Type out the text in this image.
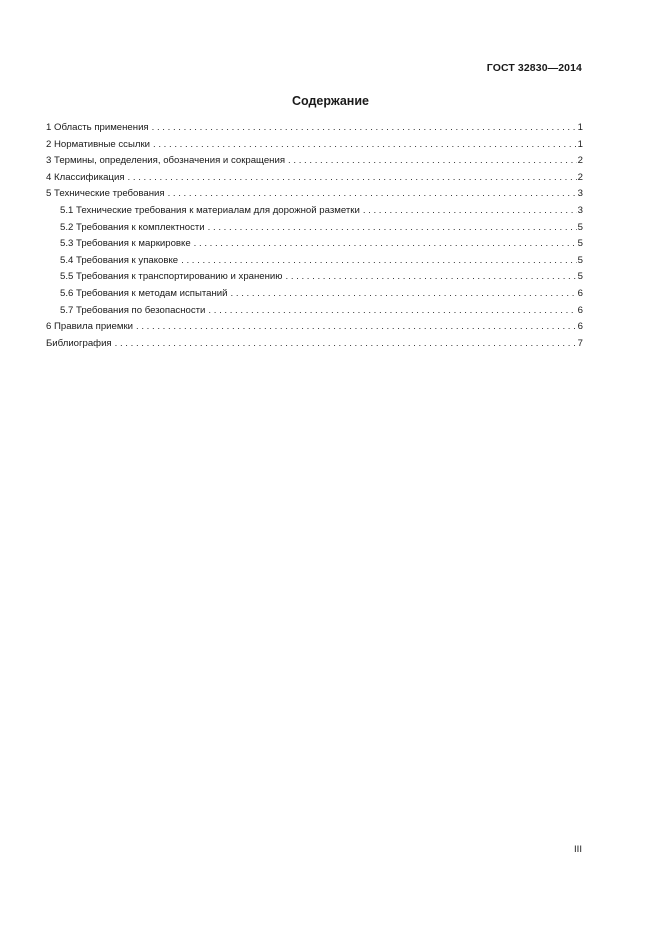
ГОСТ 32830—2014
Содержание
1 Область применения . . .	1
2 Нормативные ссылки . . .	1
3 Термины, определения, обозначения и сокращения . . .	2
4 Классификация . . .	2
5 Технические требования . . .	3
5.1 Технические требования к материалам для дорожной разметки . . .	3
5.2 Требования к комплектности . . .	5
5.3 Требования к маркировке . . .	5
5.4 Требования к упаковке . . .	5
5.5 Требования к транспортированию и хранению . . .	5
5.6 Требования к методам испытаний . . .	6
5.7 Требования по безопасности . . .	6
6 Правила приемки . . .	6
Библиография . . .	7
III
